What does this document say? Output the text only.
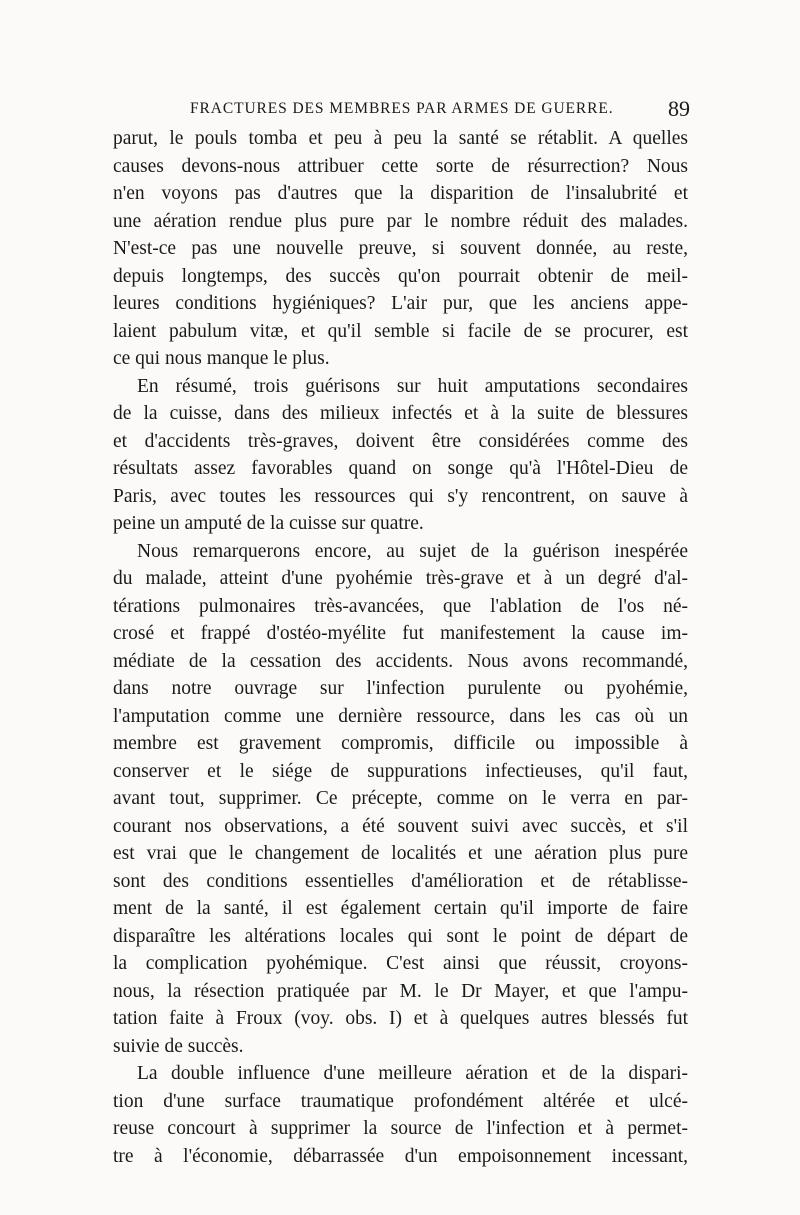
FRACTURES DES MEMBRES PAR ARMES DE GUERRE. 89
parut, le pouls tomba et peu à peu la santé se rétablit. A quelles
causes devons-nous attribuer cette sorte de résurrection? Nous
n'en voyons pas d'autres que la disparition de l'insalubrité et
une aération rendue plus pure par le nombre réduit des malades.
N'est-ce pas une nouvelle preuve, si souvent donnée, au reste,
depuis longtemps, des succès qu'on pourrait obtenir de meil-
leures conditions hygiéniques? L'air pur, que les anciens appe-
laient pabulum vitæ, et qu'il semble si facile de se procurer, est
ce qui nous manque le plus.
En résumé, trois guérisons sur huit amputations secondaires
de la cuisse, dans des milieux infectés et à la suite de blessures
et d'accidents très-graves, doivent être considérées comme des
résultats assez favorables quand on songe qu'à l'Hôtel-Dieu de
Paris, avec toutes les ressources qui s'y rencontrent, on sauve à
peine un amputé de la cuisse sur quatre.
Nous remarquerons encore, au sujet de la guérison inespérée
du malade, atteint d'une pyohémie très-grave et à un degré d'al-
térations pulmonaires très-avancées, que l'ablation de l'os né-
crosé et frappé d'ostéo-myélite fut manifestement la cause im-
médiate de la cessation des accidents. Nous avons recommandé,
dans notre ouvrage sur l'infection purulente ou pyohémie,
l'amputation comme une dernière ressource, dans les cas où un
membre est gravement compromis, difficile ou impossible à
conserver et le siége de suppurations infectieuses, qu'il faut,
avant tout, supprimer. Ce précepte, comme on le verra en par-
courant nos observations, a été souvent suivi avec succès, et s'il
est vrai que le changement de localités et une aération plus pure
sont des conditions essentielles d'amélioration et de rétablisse-
ment de la santé, il est également certain qu'il importe de faire
disparaître les altérations locales qui sont le point de départ de
la complication pyohémique. C'est ainsi que réussit, croyons-
nous, la résection pratiquée par M. le Dr Mayer, et que l'ampu-
tation faite à Froux (voy. obs. I) et à quelques autres blessés fut
suivie de succès.
La double influence d'une meilleure aération et de la dispari-
tion d'une surface traumatique profondément altérée et ulcé-
reuse concourt à supprimer la source de l'infection et à permet-
tre à l'économie, débarrassée d'un empoisonnement incessant,
